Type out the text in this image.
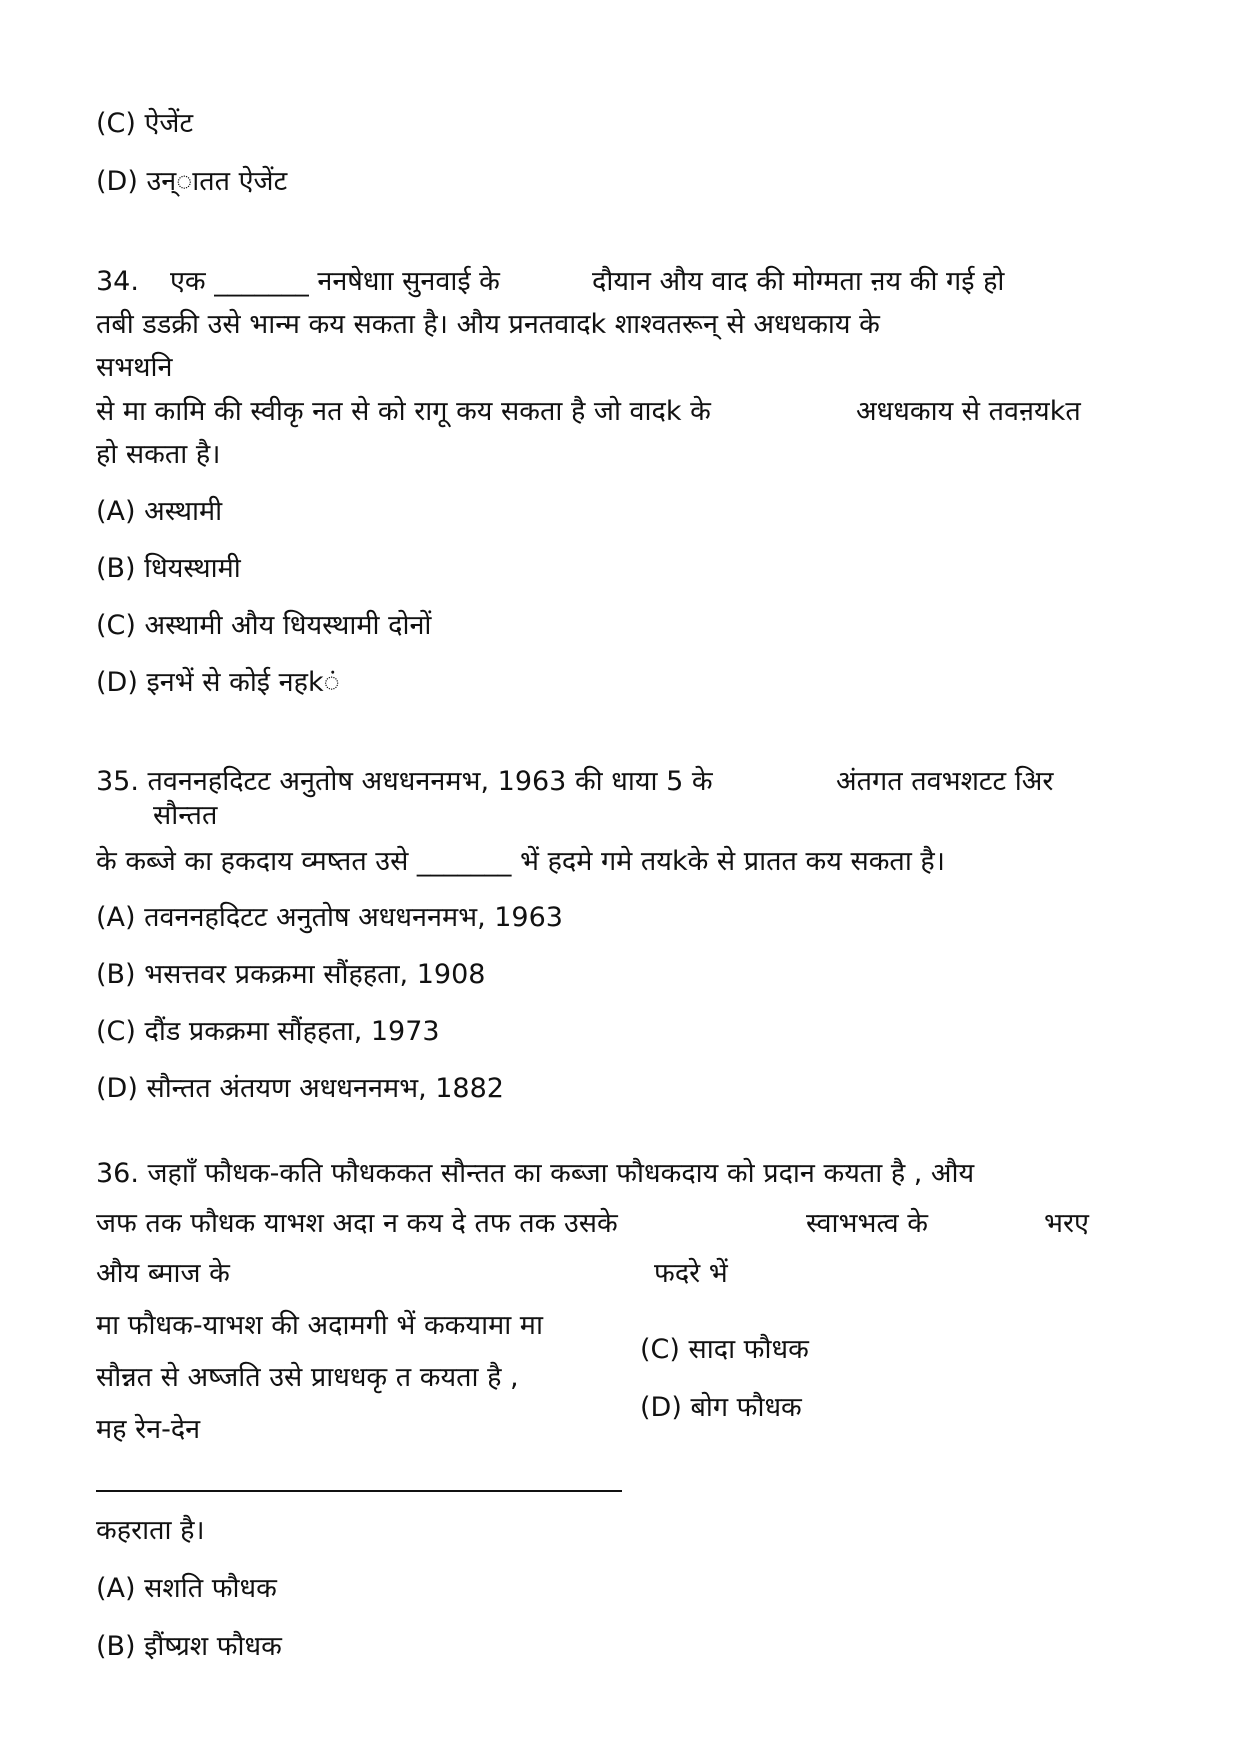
(C) ऐजेंट
(D) उन्ातत ऐजेंट
34. एक _______ ननषेधाा सुनवाई के	दौयान औय वाद की मोग्मता ऩय की गई हो
तबी डडक्री उसे भान्म कय सकता है। औय प्रनतवादk शाश्वतरून् से अधधकाय के
सभथनि
से मा कामि की स्वीकृ नत से को रागू कय सकता है जो वादk के	अधधकाय से तवऩयkत
हो सकता है।
(A) अस्थामी
(B) धियस्थामी
(C) अस्थामी औय धियस्थामी दोनों
(D) इनभें से कोई नहkं
35. तवननहदिटट अनुतोष अधधननमभ, 1963 की धाया 5 के	अंतगत तवभशटट अिर
सौन्तत
के कब्जे का हकदाय व्मष्तत उसे _______ भें हदमे गमे तयkके से प्रातत कय सकता है।
(A) तवननहदिटट अनुतोष अधधननमभ, 1963
(B) भसत्तवर प्रकक्रमा सौंहहता, 1908
(C) दौंड प्रकक्रमा सौंहहता, 1973
(D) सौन्तत अंतयण अधधननमभ, 1882
36. जहााँ फौधक-कति फौधककत सौन्तत का कब्जा फौधकदाय को प्रदान कयता है , औय
जफ तक फौधक याभश अदा न कय दे तफ तक उसके	स्वाभभत्व के	भरए
औय ब्माज के	फदरे भें
मा फौधक-याभश की अदामगी भें ककयामा मा
सौन्नत से अष्जति उसे प्राधधकृ त कयता है ,
मह रेन-देन
(C) सादा फौधक
(D) बोग फौधक
कहराता है।
(A) सशति फौधक
(B) इौंष्ग्रश फौधक
